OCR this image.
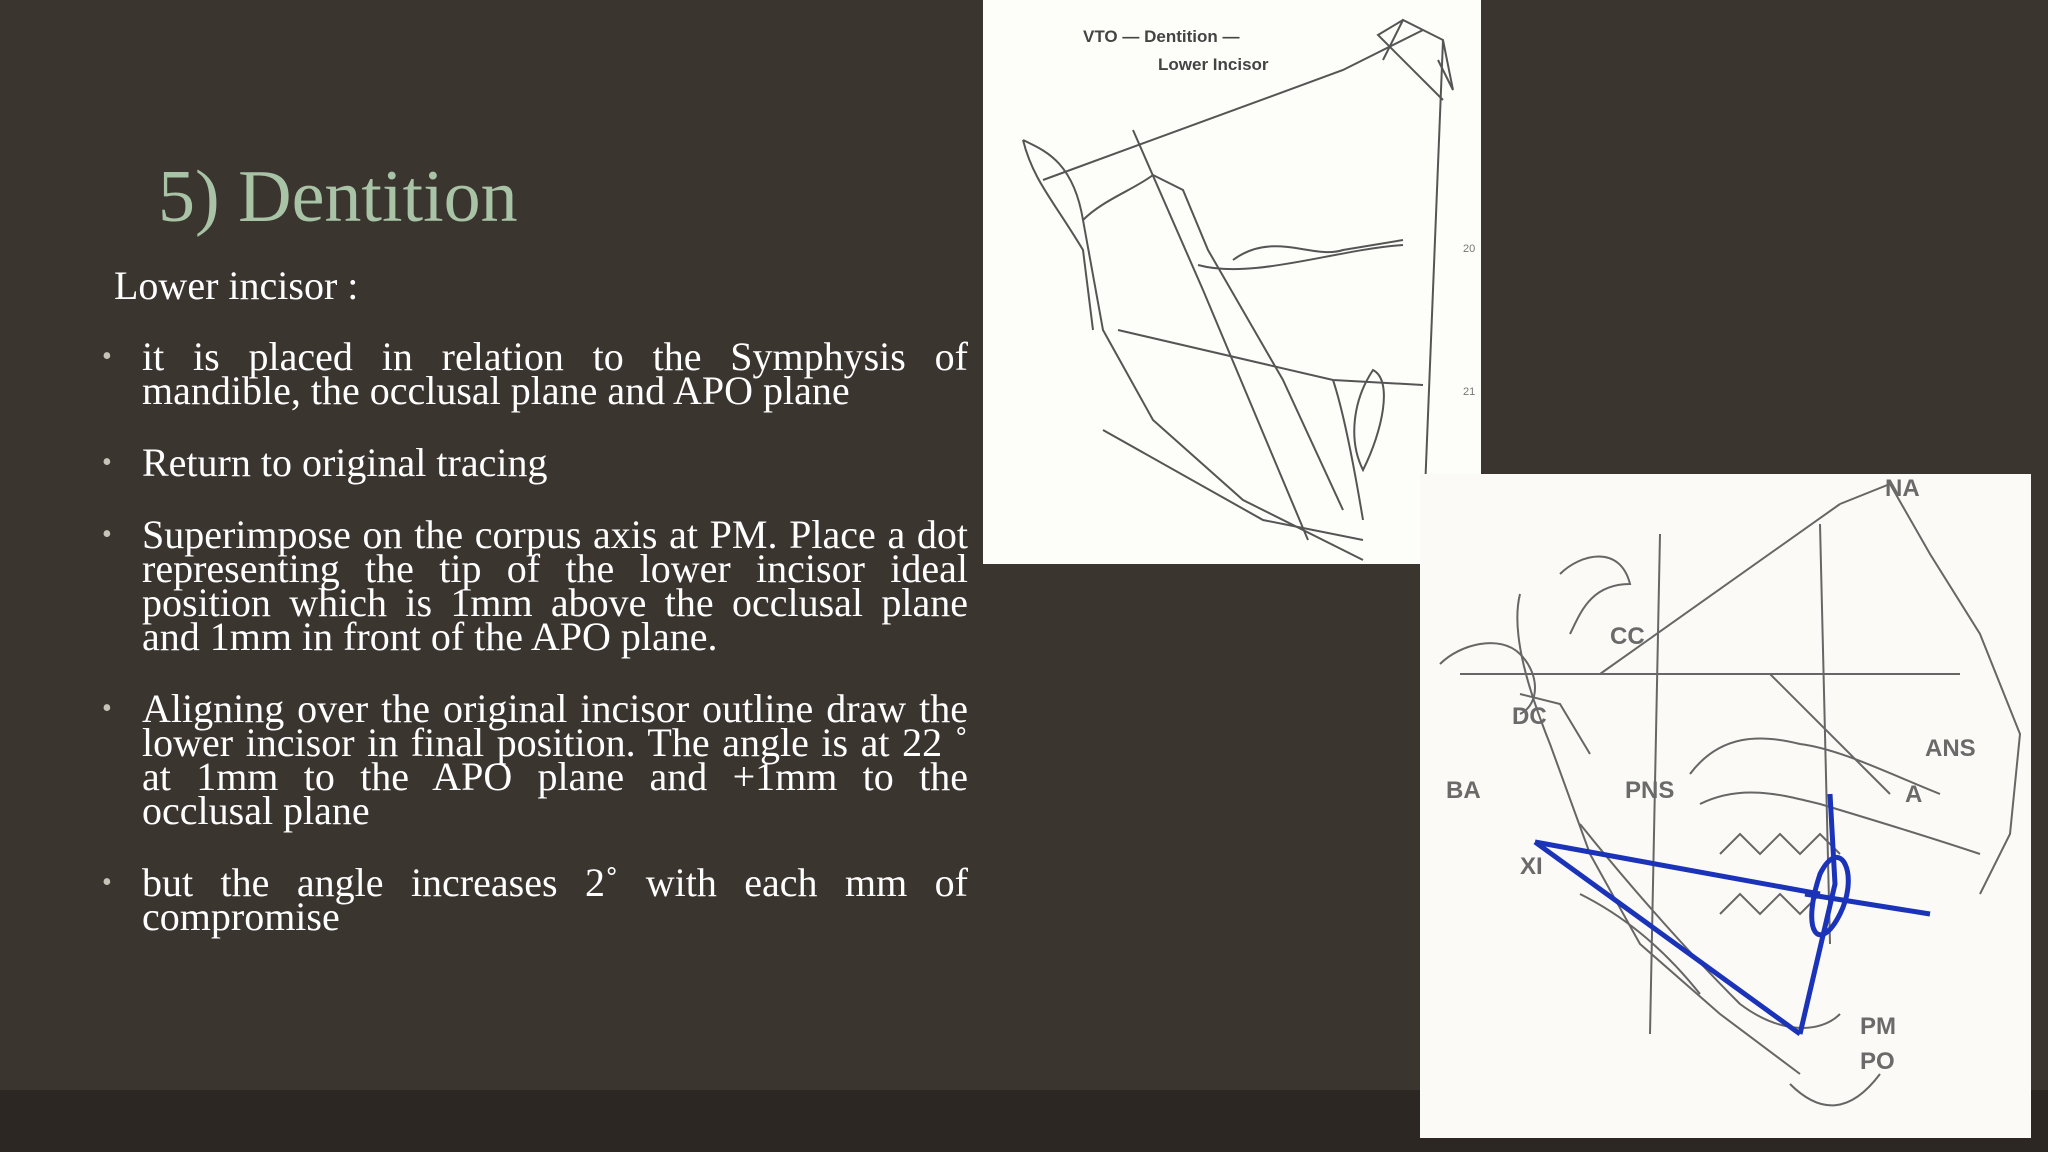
5) Dentition
Lower incisor :
• it is placed in relation to the Symphysis of mandible, the occlusal plane and APO plane
• Return to original tracing
• Superimpose on the corpus axis at PM. Place a dot representing the tip of the lower incisor ideal position which is 1mm above the occlusal plane and 1mm in front of the APO plane.
• Aligning over the original incisor outline draw the lower incisor in final position. The angle is at 22 ˚ at 1mm to the APO plane and +1mm to the occlusal plane
• but the angle increases 2˚ with each mm of compromise
VTO — Dentition —
Lower Incisor
20
21
NA
CC
DC
BA	PNS
ANS
A
XI
PM
PO
